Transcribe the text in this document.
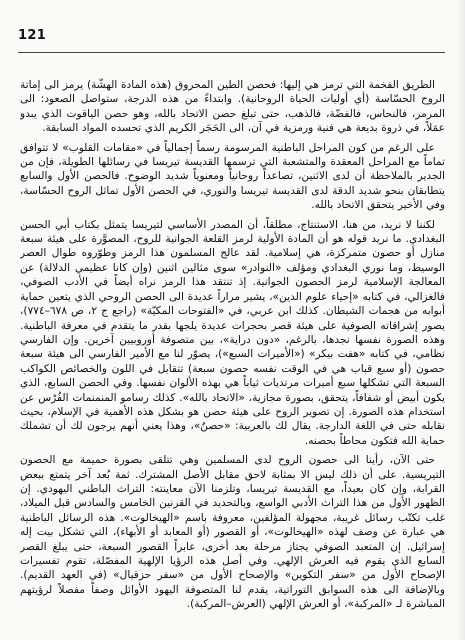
121

الطريق الفخمة التي ترمز هي إليها: فحصن الطين المحروق (هذه المادة الهشَّة) يرمز الى إماتة الروح الحسّاسة (أي أوليات الحياة الروحانية). وابتداءً من هذه الدرجة، ستواصل الصعود: الى المرمر، فالنحاس، فالفضّة، فالذهب، حتى تبلغ حصن الاتحاد بالله، وهو حصن الياقوت الذي يبدو عمَلاً، في ذروة بديعة هي فنية ورمزية في آن، الى الحَجَر الكريم الذي تحسده المواد السابقة.

على الرغم من كون المراحل الباطنية المرسومة رسماً إجمالياً في «مقامات القلوب» لا تتوافق تماماً مع المراحل المعقدة والمتشعبة التي ترسمها القديسة تيريسا في رسائلها الطويلة، فإن من الجدير بالملاحظة أن لدى الاثنين، تصاعداً روحانياً ومعنوياً شديد الوضوح. فالحصن الأول والسابع يتطابقان بنحو شديد الدقة لدى القديسة تيريسا والنوري، في الحصن الأول تماثل الروح الحسّاسة، وفي الأخير يتحقق الاتحاد بالله.

لكننا لا نريد، من هنا، الاستنتاج، مطلقاً، أن المصدر الأساسي لتيريسا يتمثل بكتاب أبي الحسن البغدادي. ما نريد قوله هو أن المادة الأولية لرمز القلعة الجوانية للروح، المصوَّرة على هيئة سبعة منازل أو حصون متمركزة، هي إسلامية. لقد عالج المسلمون هذا الرمز وطوّروه طوال العصر الوسيط، وما نوري البغدادي ومؤلف «النوادر» سوى مثالين اثنين (وإن كانا عظيمي الدلالة) عن المعالجة الإسلامية لرمز الحصون الجوانية. إذ تنتقد هذا الرمز نراه أيضاً في الأدب الصوفي، فالغزالي، في كتابه «إحياء علوم الدين»، يشير مراراً عديدة الى الحصن الروحي الذي يتعين حماية أبوابه من هجمات الشيطان. كذلك ابن عربي، في «الفتوحات المكيّة» (راجع ج ٢، ص ٦٧٨–٧٧٤)، يصور إشراقاته الصوفية على هيئة قصر بحجرات عديدة يلجها بقدر ما يتقدم في معرفة الباطنية. وهذه الصورة نفسها نجدها، بالرغم، «دون دراية»، بين متصوفة أوروبيين آخرين. وإن الفارسي نظامي، في كتابه «هفت بيكر» («الأميرات السبع»)، يصوّر لنا مع الأمير الفارسي الى هيئة سبعة حصون (أو سبع قباب هي في الوقت نفسه حصون سبعة) تتقابل في اللون والخصائص الكواكب السبعة التي تشكلها سبع أميرات مرتديات ثياباً هي بهذه الألوان نفسها. وفي الحصن السابع، الذي يكون أبيض أو شفافاً، يتحقق، بصورة مجازية، «الاتحاد بالله». كذلك رسامو المنمنمات الفُرْس عن استخدام هذه الصورة. إن تصوير الروح على هيئة حصن هو بشكل هذه الأهمية في الإسلام، بحيث نقابله حتى في اللغة الدارجة. يقال لك بالعربية: «حصنٌ»، وهذا يعني أنهم يرجون لك أن تشملك حماية الله فتكون محاطاً بحصنه.

حتى الآن، رأينا الى حصون الروح لدى المسلمين وهي تتلقى بصورة حميمة مع الحصون التيريسية. على أن ذلك ليس الا بمثابة لاحق مقابل الأصل المشترك. ثمة بُعد آخر يتمتع ببعض القرابة، وإن كان بعيداً، مع القديسة تيريسا، وتلزمنا الآن معاينته: التراث الباطني اليهودي. إن الظهور الأول من هذا التراث الأدبي الواسع، وبالتحديد في القرنين الخامس والسادس قبل الميلاد، غلب تكتّب رسائل غريبة، مجهولة المؤلفين، معروفة باسم «الهيخالوت». هذه الرسائل الباطنية هي عبارة عن وصف لهذه «الهيخالوت»، أو القصور (أو المعابد أو الأبهاء)، التي تشكل بيت إله إسرائيل. إن المتعبد الصوفي يجتاز مرحلة بعد أخرى، عابراً القصور السبعة، حتى يبلغ القصر السابع الذي يقوم فيه العرش الإلهي. وفي أصل هذه الرؤيا الإلهية المفصّلة، تقوم تفسيرات الإصحاح الأول من «سفر التكوين» والإصحاح الأول من «سفر حزقيال» (في العهد القديم). وبالإضافة الى هذه السوابق التوراتية، يقدم لنا المتصوفة اليهود الأوائل وصفاً مفصلاً لرؤيتهم المباشرة لـ «المركبة»، أو العرش الإلهي (العرش–المركبة).
